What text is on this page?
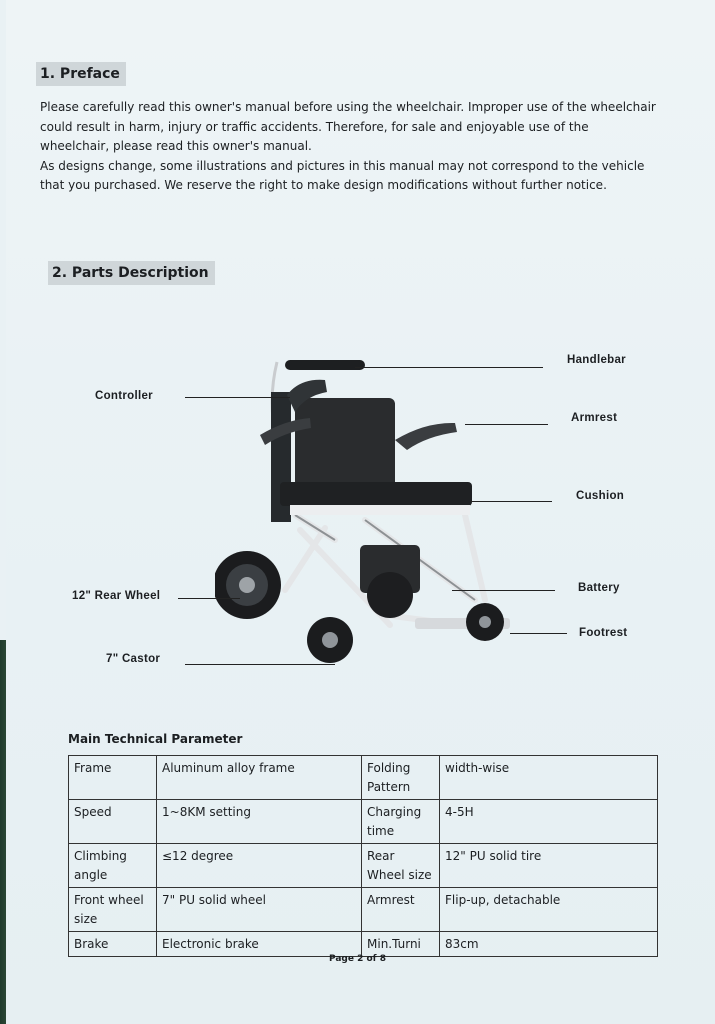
1. Preface

Please carefully read this owner's manual before using the wheelchair. Improper use of the wheelchair could result in harm, injury or traffic accidents. Therefore, for sale and enjoyable use of the wheelchair, please read this owner's manual.

As designs change, some illustrations and pictures in this manual may not correspond to the vehicle that you purchased. We reserve the right to make design modifications without further notice.

2. Parts Description
Handlebar
Controller
Armrest
Cushion
Battery
12" Rear Wheel
Footrest
7" Castor
Main Technical Parameter
Frame	Aluminum alloy frame	Folding Pattern	width-wise
Speed	1~8KM setting	Charging time	4-5H
Climbing angle	≤12 degree	Rear Wheel size	12" PU solid tire
Front wheel size	7" PU solid wheel	Armrest	Flip-up, detachable
Brake	Electronic brake	Min.Turni	83cm
Page 2 of 8
